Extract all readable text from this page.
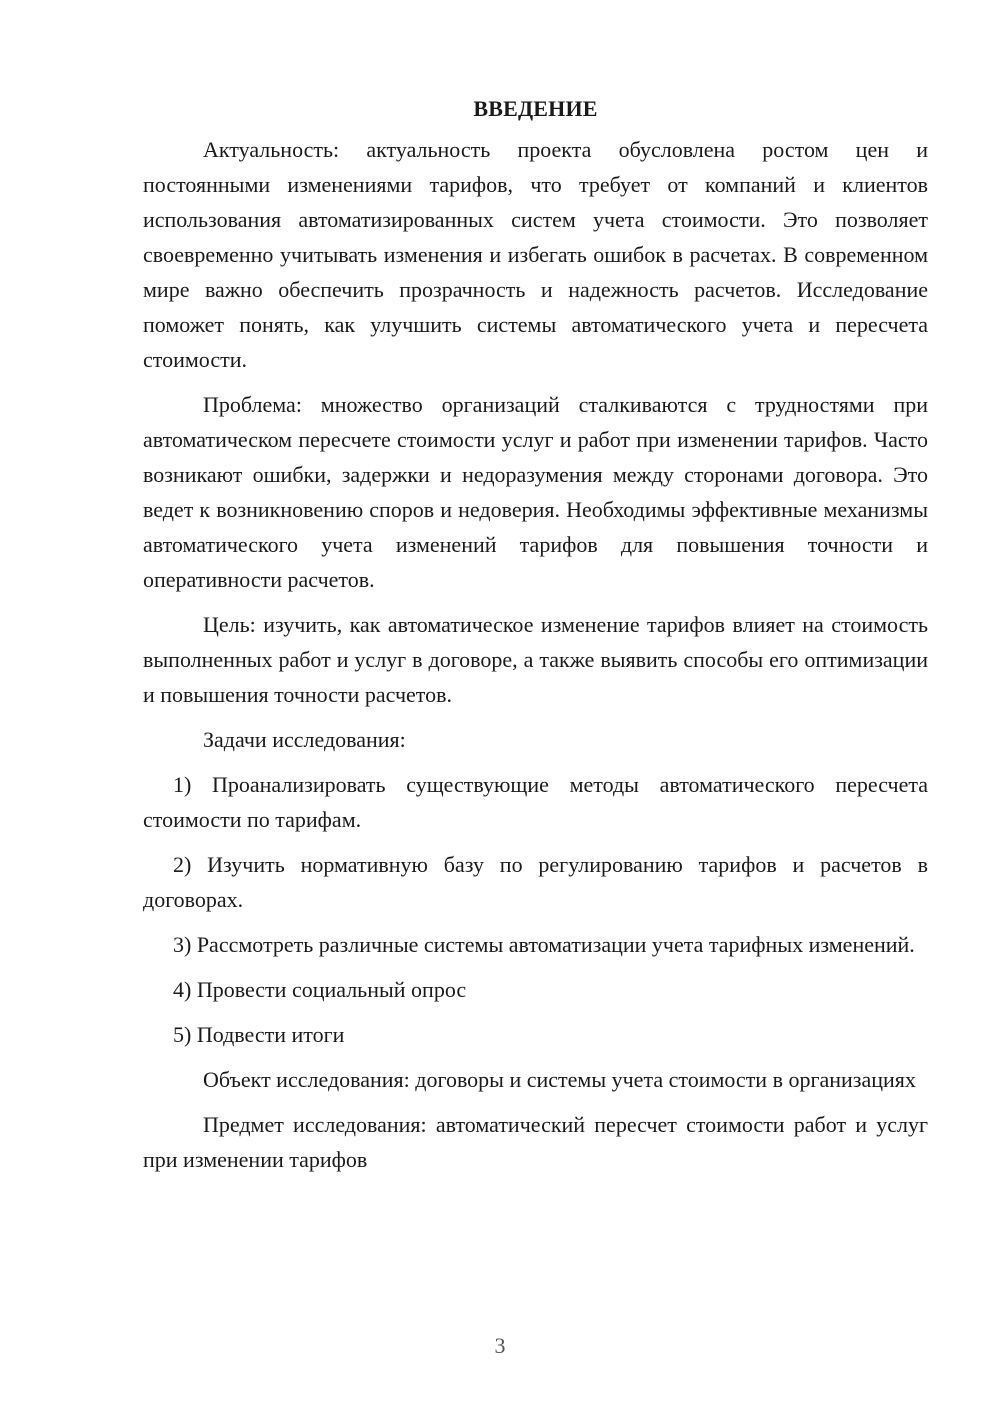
ВВЕДЕНИЕ

Актуальность: актуальность проекта обусловлена ростом цен и постоянными изменениями тарифов, что требует от компаний и клиентов использования автоматизированных систем учета стоимости. Это позволяет своевременно учитывать изменения и избегать ошибок в расчетах. В современном мире важно обеспечить прозрачность и надежность расчетов. Исследование поможет понять, как улучшить системы автоматического учета и пересчета стоимости.

Проблема: множество организаций сталкиваются с трудностями при автоматическом пересчете стоимости услуг и работ при изменении тарифов. Часто возникают ошибки, задержки и недоразумения между сторонами договора. Это ведет к возникновению споров и недоверия. Необходимы эффективные механизмы автоматического учета изменений тарифов для повышения точности и оперативности расчетов.

Цель: изучить, как автоматическое изменение тарифов влияет на стоимость выполненных работ и услуг в договоре, а также выявить способы его оптимизации и повышения точности расчетов.

Задачи исследования:

1) Проанализировать существующие методы автоматического пересчета стоимости по тарифам.

2) Изучить нормативную базу по регулированию тарифов и расчетов в договорах.

3) Рассмотреть различные системы автоматизации учета тарифных изменений.

4) Провести социальный опрос

5) Подвести итоги

Объект исследования: договоры и системы учета стоимости в организациях

Предмет исследования: автоматический пересчет стоимости работ и услуг при изменении тарифов

3
